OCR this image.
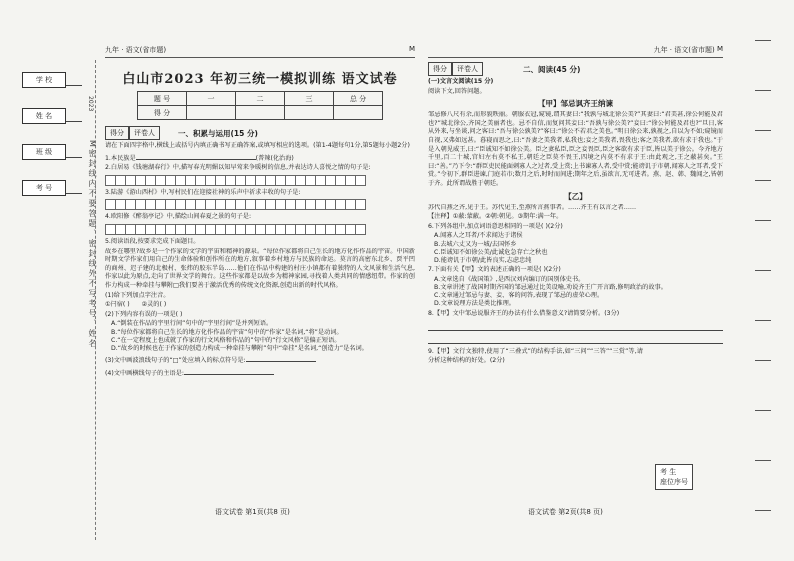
学 校
姓 名
班 级
考 号
2023
M密封线内不要答题、密封线外不写考号、姓名
九年 · 语文(省市题)	M
白山市2023 年初三统一模拟训练 语文试卷
题 号	一	二	三	总 分
得 分				
得分	评卷人	一、积累与运用(15 分)
请在下面四字格中,横线上或括号内填正确书写正确答案,或填写相应的选项。(第1-4题每句1分,第5题每小题2分)
1.本民族是	(普辣(化治海)
2.白居易《钱塘湖春行》中,描写春光明媚以知早莺来争暖树的信息,并表达诗人喜悦之情的句子是:
3.陆游《游山西村》中,写村民们在迎接社神的乐声中祈求丰收的句子是:
4.欧阳修《醉翁亭记》中,描绘山间春夏之景的句子是:
5.阅读语段,按要求完成下面题目。
故乡在哪里?故乡是一个作家的文学的宇宙和精神的源泉。“每位作家都将自己生长的地方化作作品的宇宙。中国新时期文学作家们用自己的生命体验和创作所在的地方,叙事着乡村地方与民族的命运。莫言的高密东北乡、贾平凹的商州、迟子建的北极村、张炜的胶东半岛……他们在作品中构建的村庄小镇都有着独特的人文风景和生活气息,作家以此为原点,走向了世界文学的舞台。这些作家都是以故乡为精神家园,寻找着人类共同的情感纽带。作家的创作力构成一种牵挂与攀附□我们要善于激活优秀的传统文化资源,创造出新的时代风格。
(1)给下列加点字注音。
①闩宿( ) ②灵的( )
(2)下列内容有误的一项是( )
A.“倒装在作品的宇里行间”句中的“宇里行间”是并列短语。
B.“每位作家都将自己生长的地方化作作品的宇宙”句中的“作家”是名词,“将”是动词。
C.“在一定程度上也成就了作家的行文风格和作品的”句中的“行文风格”是偏正短语。
D.“故乡的时候也在于作家的创造力构成一种牵挂与攀附”句中“牵挂”是名词,“创造力”是名词。
(3)文中画波浪线句子的“□”处应填入的标点符号是:
(4)文中画横线句子的主语是:
语文试卷 第1页(共8 页)
九年 · 语文(省市题)
M
得分	评卷人	二、阅读(45 分)
(一)文言文阅读(15 分)
阅读下文,回答问题。
【甲】邹忌讽齐王纳谏
邹忌修八尺有余,而形貌昳丽。朝服衣冠,窥镜,谓其妻曰:“我孰与城北徐公美?”其妻曰:“君美甚,徐公何能及君也?”城北徐公,齐国之美丽者也。忌不自信,而复问其妾曰:“吾孰与徐公美?”妾曰:“徐公何能及君也?”旦日,客从外来,与坐谈,问之客曰:“吾与徐公孰美?”客曰:“徐公不若君之美也。”明日徐公来,孰视之,自以为不如;窥镜而自视,又弗如远甚。暮寝而思之,曰:“吾妻之美我者,私我也;妾之美我者,畏我也;客之美我者,欲有求于我也。”于是入朝见威王,曰:“臣诚知不如徐公美。臣之妻私臣,臣之妾畏臣,臣之客欲有求于臣,皆以美于徐公。今齐地方千里,百二十城,宫妇左右莫不私王,朝廷之臣莫不畏王,四境之内莫不有求于王:由此观之,王之蔽甚矣。”王曰:“善。”乃下令:“群臣吏民能面刺寡人之过者,受上赏;上书谏寡人者,受中赏;能谤讥于市朝,闻寡人之耳者,受下赏。”令初下,群臣进谏,门庭若市;数月之后,时时而间进;期年之后,虽欲言,无可进者。燕、赵、韩、魏闻之,皆朝于齐。此所谓战胜于朝廷。
【乙】
苏代自燕之齐,见于王。苏代见王,至燕所言燕事者。……齐王有以言之者……
【注释】①蔽:蒙蔽。②朝:朝见。③期年:满一年。
6.下列各组中,加点词语意思相同的一项是( )(2分)
A.闻寡人之耳者/不求闻达于诸侯
B.去城六丈又为一城/去国怀乡
C.臣诚知不如徐公美/此诚危急存亡之秋也
D.能谤讥于市朝/此皆良实,志虑忠纯
7.下面有关【甲】文的表述正确的一项是( )(2分)
A.文章选自《战国策》,是西汉刘向编订的国别体史书。
B.文章讲述了战国时期齐国的邹忌通过比美设喻,劝说齐王广开言路,修明政治的故事。
C.文章通过邹忌与妻、妾、客的问答,表现了邹忌的虚荣心理。
D.文章说理方法是类比推理。
8.【甲】文中邹忌说服齐王的办法有什么借鉴意义?请简要分析。(3分)
9.【甲】文行文独特,使用了“三叠式”的结构手法,如“三问”“三答”“三赏”等,请分析这种结构的好处。(2分)
语文试卷 第2页(共8 页)
考 生
座位序号
